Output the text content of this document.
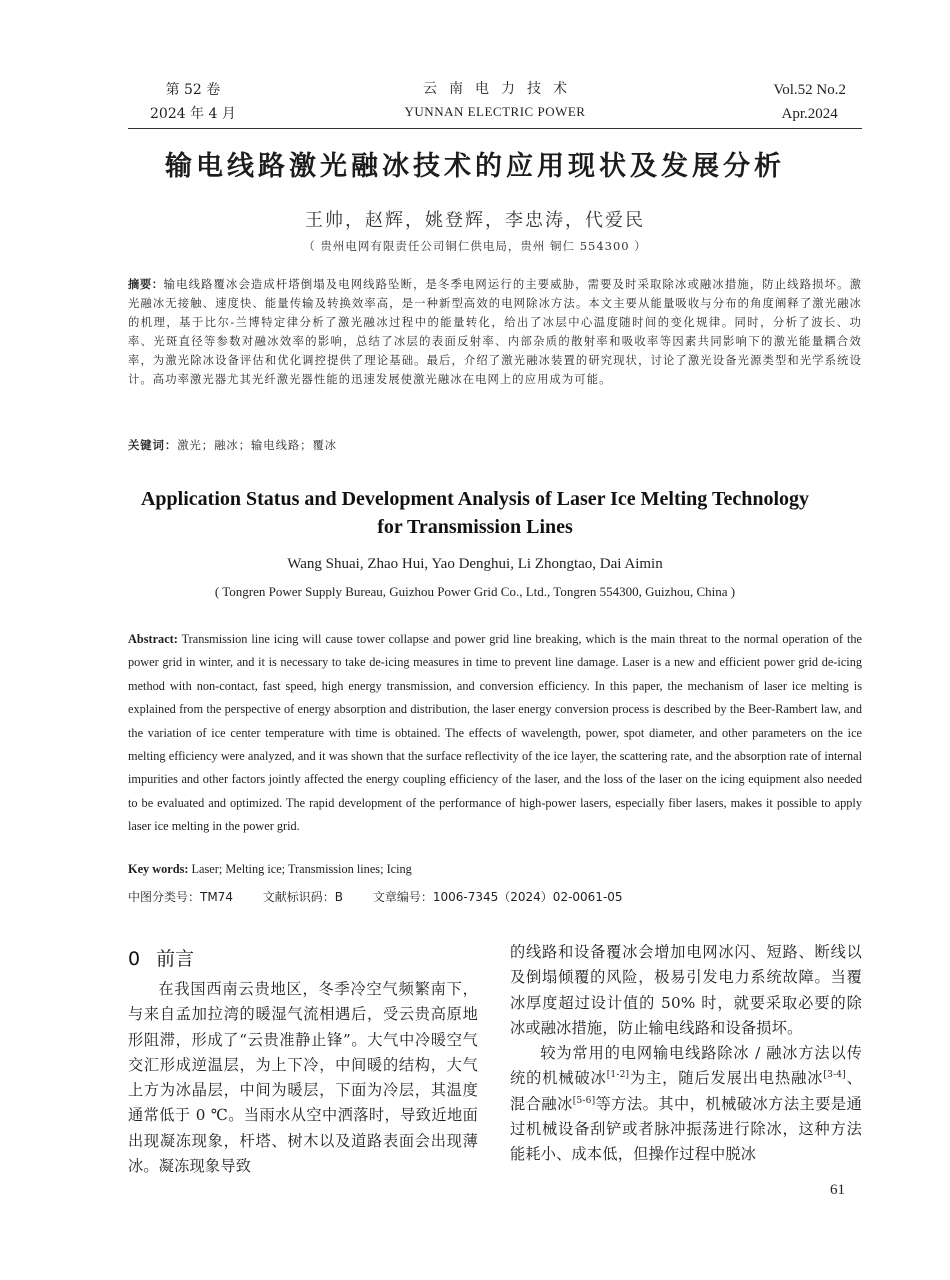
第 52 卷
2024 年 4 月
云南电力技术
YUNNAN ELECTRIC POWER
Vol.52 No.2
Apr.2024
输电线路激光融冰技术的应用现状及发展分析
王帅，赵辉，姚登辉，李忠涛，代爱民
（ 贵州电网有限责任公司铜仁供电局，贵州 铜仁 554300 ）
摘要：输电线路覆冰会造成杆塔倒塌及电网线路坠断，是冬季电网运行的主要威胁，需要及时采取除冰或融冰措施，防止线路损坏。激光融冰无接触、速度快、能量传输及转换效率高，是一种新型高效的电网除冰方法。本文主要从能量吸收与分布的角度阐释了激光融冰的机理，基于比尔-兰博特定律分析了激光融冰过程中的能量转化，给出了冰层中心温度随时间的变化规律。同时，分析了波长、功率、光斑直径等参数对融冰效率的影响，总结了冰层的表面反射率、内部杂质的散射率和吸收率等因素共同影响下的激光能量耦合效率，为激光除冰设备评估和优化调控提供了理论基础。最后，介绍了激光融冰装置的研究现状，讨论了激光设备光源类型和光学系统设计。高功率激光器尤其光纤激光器性能的迅速发展使激光融冰在电网上的应用成为可能。
关键词：激光；融冰；输电线路；覆冰
Application Status and Development Analysis of Laser Ice Melting Technology
for Transmission Lines
Wang Shuai, Zhao Hui, Yao Denghui, Li Zhongtao, Dai Aimin
( Tongren Power Supply Bureau, Guizhou Power Grid Co., Ltd., Tongren 554300, Guizhou, China )
Abstract: Transmission line icing will cause tower collapse and power grid line breaking, which is the main threat to the normal operation of the power grid in winter, and it is necessary to take de-icing measures in time to prevent line damage. Laser is a new and efficient power grid de-icing method with non-contact, fast speed, high energy transmission, and conversion efficiency. In this paper, the mechanism of laser ice melting is explained from the perspective of energy absorption and distribution, the laser energy conversion process is described by the Beer-Rambert law, and the variation of ice center temperature with time is obtained. The effects of wavelength, power, spot diameter, and other parameters on the ice melting efficiency were analyzed, and it was shown that the surface reflectivity of the ice layer, the scattering rate, and the absorption rate of internal impurities and other factors jointly affected the energy coupling efficiency of the laser, and the loss of the laser on the icing equipment also needed to be evaluated and optimized. The rapid development of the performance of high-power lasers, especially fiber lasers, makes it possible to apply laser ice melting in the power grid.
Key words: Laser; Melting ice; Transmission lines; Icing
中图分类号：TM74 文献标识码：B 文章编号：1006-7345（2024）02-0061-05
0 前言

在我国西南云贵地区，冬季冷空气频繁南下，与来自孟加拉湾的暖湿气流相遇后，受云贵高原地形阻滞，形成了“云贵准静止锋”。大气中冷暖空气交汇形成逆温层，为上下冷，中间暖的结构，大气上方为冰晶层，中间为暖层，下面为冷层，其温度通常低于 0 ℃。当雨水从空中洒落时，导致近地面出现凝冻现象，杆塔、树木以及道路表面会出现薄冰。凝冻现象导致

的线路和设备覆冰会增加电网冰闪、短路、断线以及倒塌倾覆的风险，极易引发电力系统故障。当覆冰厚度超过设计值的 50% 时，就要采取必要的除冰或融冰措施，防止输电线路和设备损坏。

较为常用的电网输电线路除冰 / 融冰方法以传统的机械破冰[1-2]为主，随后发展出电热融冰[3-4]、混合融冰[5-6]等方法。其中，机械破冰方法主要是通过机械设备刮铲或者脉冲振荡进行除冰，这种方法能耗小、成本低，但操作过程中脱冰

61
